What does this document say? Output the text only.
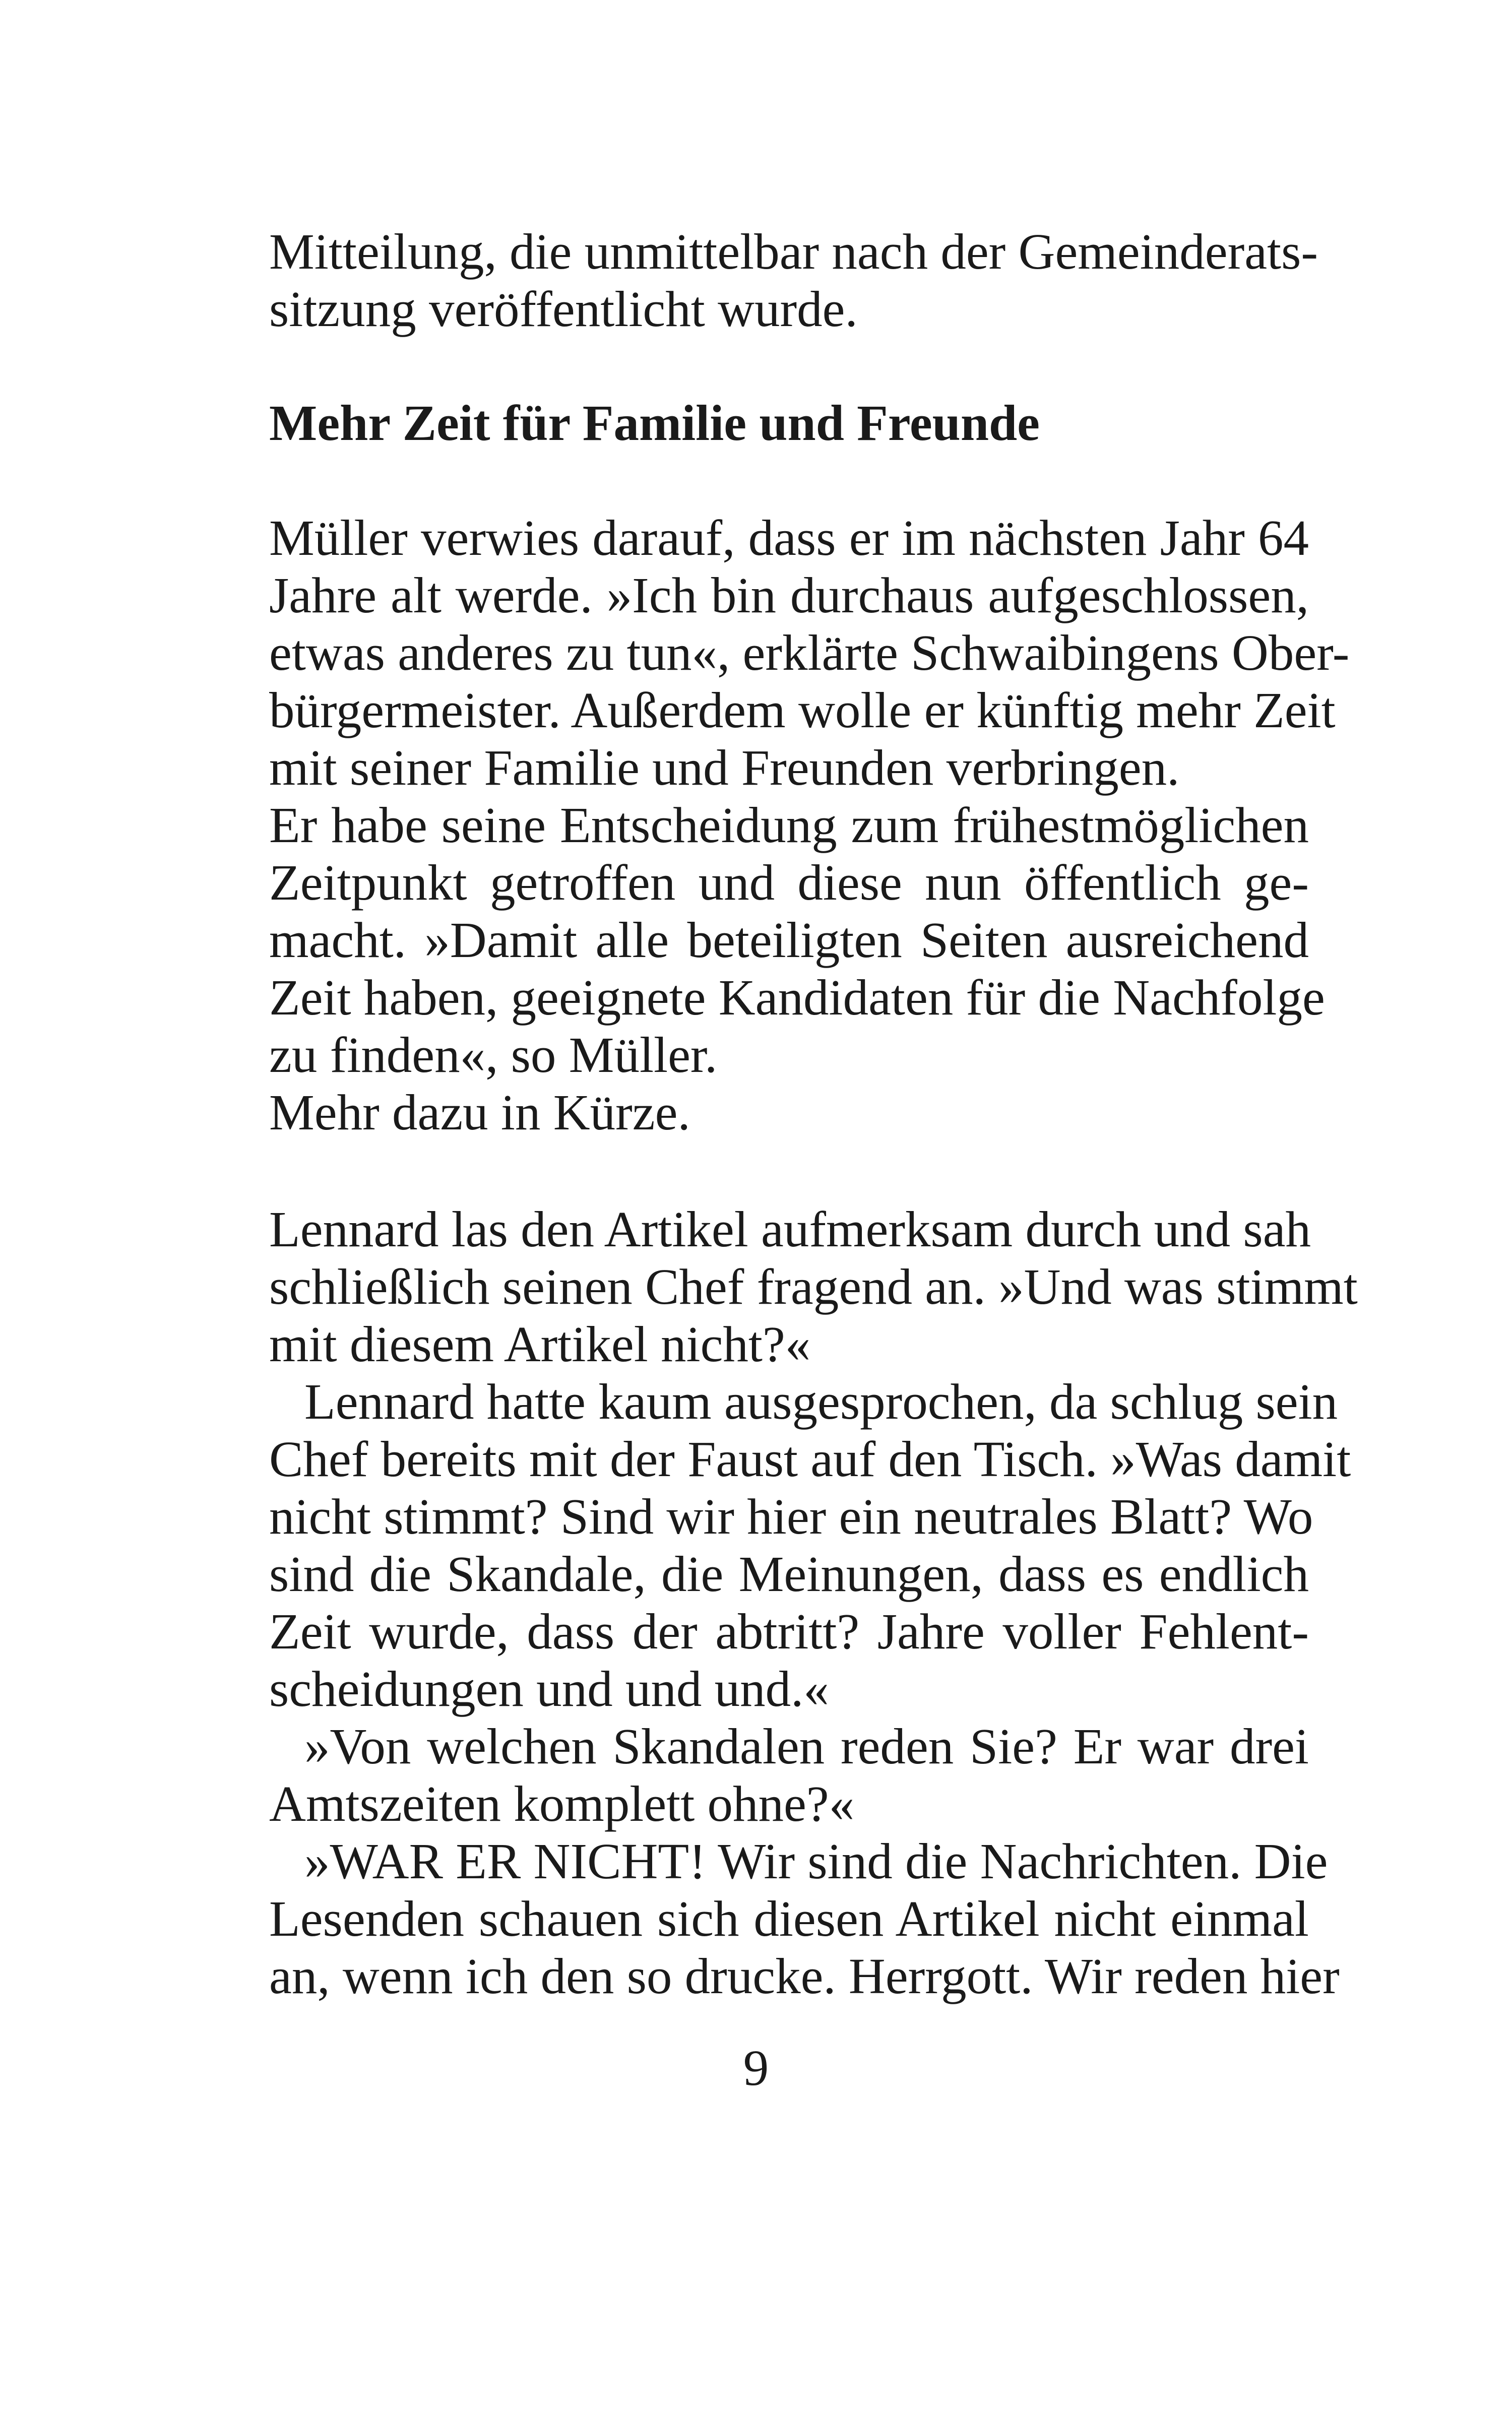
Mitteilung, die unmittelbar nach der Gemeinderats-
sitzung veröffentlicht wurde.
Mehr Zeit für Familie und Freunde
Müller verwies darauf, dass er im nächsten Jahr 64
Jahre alt werde. »Ich bin durchaus aufgeschlossen,
etwas anderes zu tun«, erklärte Schwaibingens Ober-
bürgermeister. Außerdem wolle er künftig mehr Zeit
mit seiner Familie und Freunden verbringen.
Er habe seine Entscheidung zum frühestmöglichen
Zeitpunkt getroffen und diese nun öffentlich ge-
macht. »Damit alle beteiligten Seiten ausreichend
Zeit haben, geeignete Kandidaten für die Nachfolge
zu finden«, so Müller.
Mehr dazu in Kürze.
Lennard las den Artikel aufmerksam durch und sah
schließlich seinen Chef fragend an. »Und was stimmt
mit diesem Artikel nicht?«
Lennard hatte kaum ausgesprochen, da schlug sein
Chef bereits mit der Faust auf den Tisch. »Was damit
nicht stimmt? Sind wir hier ein neutrales Blatt? Wo
sind die Skandale, die Meinungen, dass es endlich
Zeit wurde, dass der abtritt? Jahre voller Fehlent-
scheidungen und und und.«
»Von welchen Skandalen reden Sie? Er war drei
Amtszeiten komplett ohne?«
»WAR ER NICHT! Wir sind die Nachrichten. Die
Lesenden schauen sich diesen Artikel nicht einmal
an, wenn ich den so drucke. Herrgott. Wir reden hier
9
